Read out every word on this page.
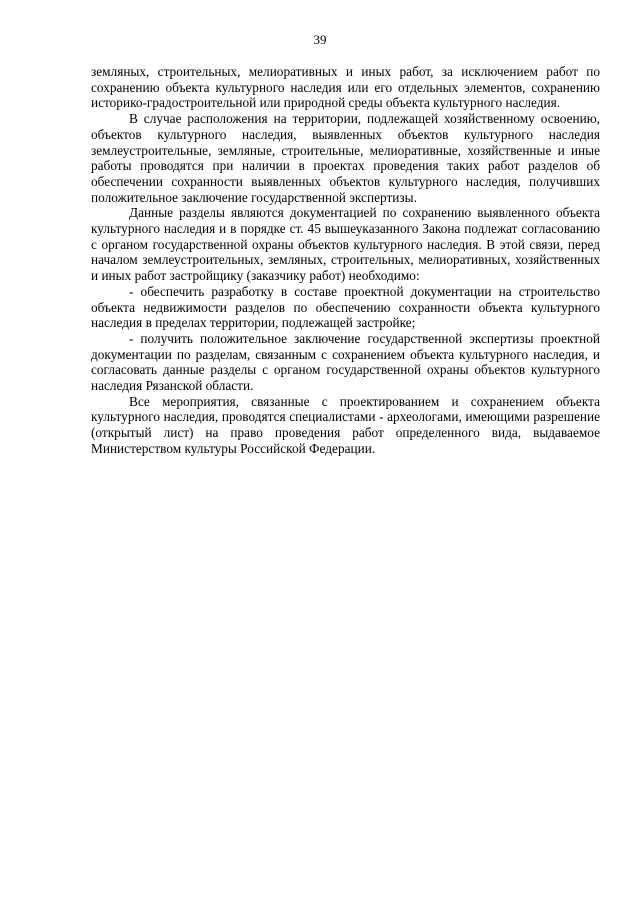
39

земляных, строительных, мелиоративных и иных работ, за исключением работ по сохранению объекта культурного наследия или его отдельных элементов, сохранению историко-градостроительной или природной среды объекта культурного наследия.

В случае расположения на территории, подлежащей хозяйственному освоению, объектов культурного наследия, выявленных объектов культурного наследия землеустроительные, земляные, строительные, мелиоративные, хозяйственные и иные работы проводятся при наличии в проектах проведения таких работ разделов об обеспечении сохранности выявленных объектов культурного наследия, получивших положительное заключение государственной экспертизы.

Данные разделы являются документацией по сохранению выявленного объекта культурного наследия и в порядке ст. 45 вышеуказанного Закона подлежат согласованию с органом государственной охраны объектов культурного наследия. В этой связи, перед началом землеустроительных, земляных, строительных, мелиоративных, хозяйственных и иных работ застройщику (заказчику работ) необходимо:

- обеспечить разработку в составе проектной документации на строительство объекта недвижимости разделов по обеспечению сохранности объекта культурного наследия в пределах территории, подлежащей застройке;

- получить положительное заключение государственной экспертизы проектной документации по разделам, связанным с сохранением объекта культурного наследия, и согласовать данные разделы с органом государственной охраны объектов культурного наследия Рязанской области.

Все мероприятия, связанные с проектированием и сохранением объекта культурного наследия, проводятся специалистами - археологами, имеющими разрешение (открытый лист) на право проведения работ определенного вида, выдаваемое Министерством культуры Российской Федерации.
